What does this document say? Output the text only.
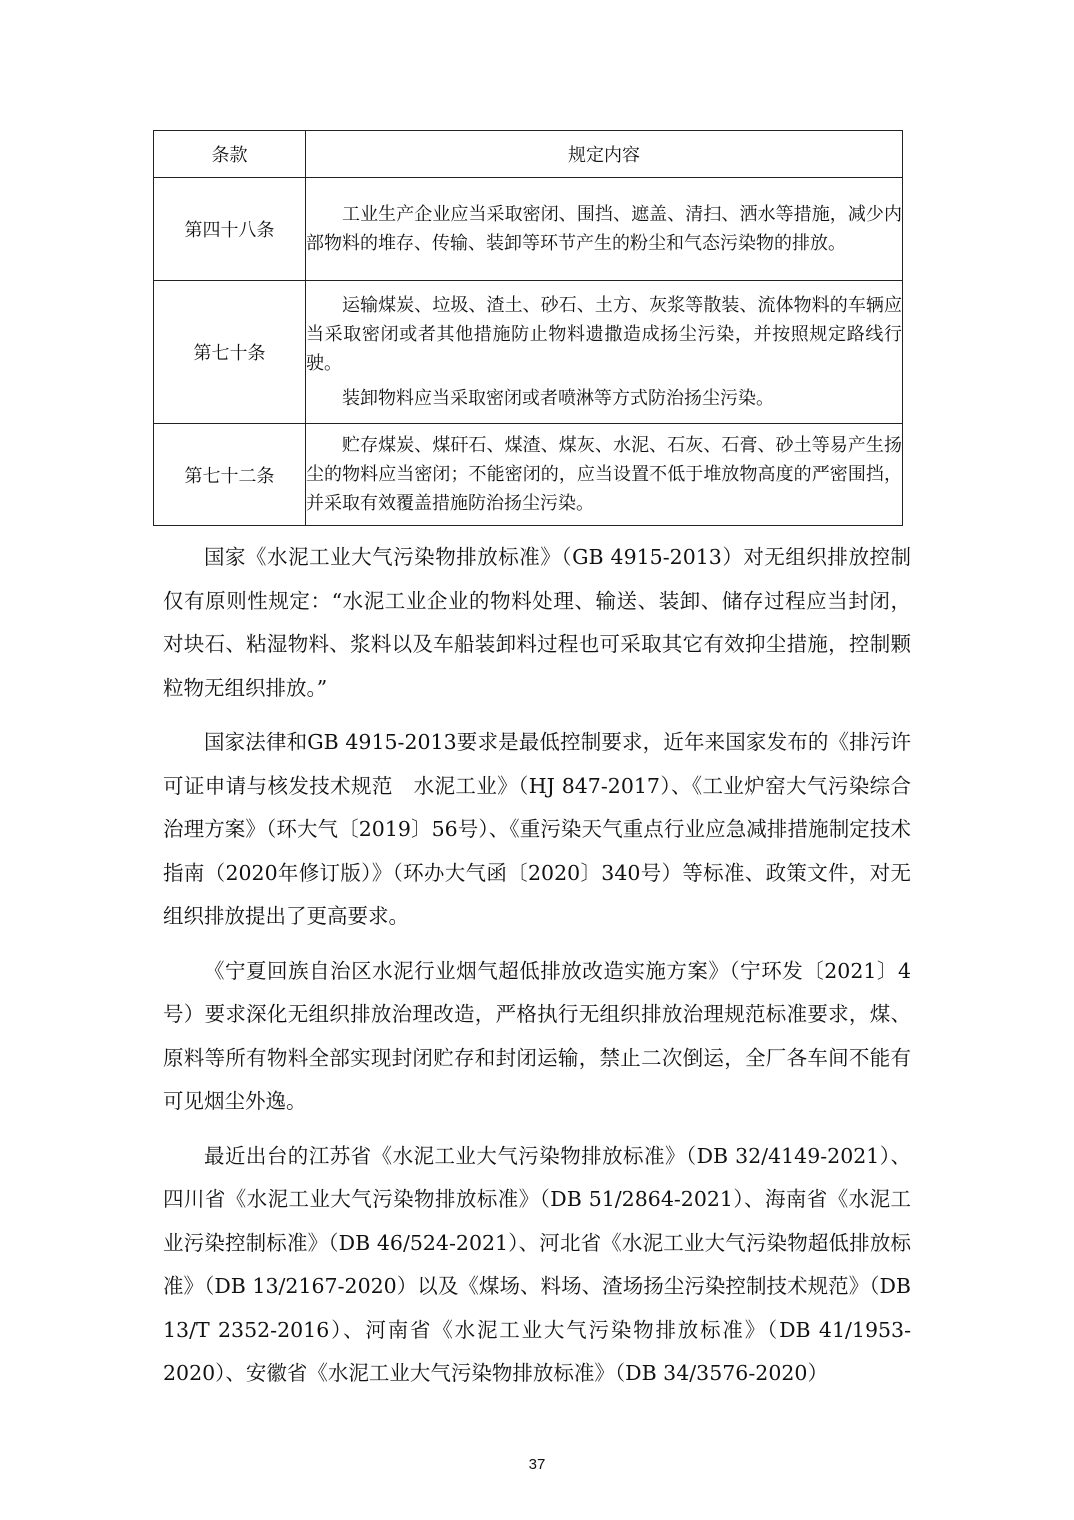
条款	规定内容
第四十八条	工业生产企业应当采取密闭、围挡、遮盖、清扫、洒水等措施，减少内部物料的堆存、传输、装卸等环节产生的粉尘和气态污染物的排放。

第七十条	运输煤炭、垃圾、渣土、砂石、土方、灰浆等散装、流体物料的车辆应当采取密闭或者其他措施防止物料遗撒造成扬尘污染，并按照规定路线行驶。

装卸物料应当采取密闭或者喷淋等方式防治扬尘污染。

第七十二条	贮存煤炭、煤矸石、煤渣、煤灰、水泥、石灰、石膏、砂土等易产生扬尘的物料应当密闭；不能密闭的，应当设置不低于堆放物高度的严密围挡，并采取有效覆盖措施防治扬尘污染。

国家《水泥工业大气污染物排放标准》（GB 4915-2013）对无组织排放控制仅有原则性规定：“水泥工业企业的物料处理、输送、装卸、储存过程应当封闭，对块石、粘湿物料、浆料以及车船装卸料过程也可采取其它有效抑尘措施，控制颗粒物无组织排放。”

国家法律和GB 4915-2013要求是最低控制要求，近年来国家发布的《排污许可证申请与核发技术规范　水泥工业》（HJ 847-2017）、《工业炉窑大气污染综合治理方案》（环大气〔2019〕56号）、《重污染天气重点行业应急减排措施制定技术指南（2020年修订版）》（环办大气函〔2020〕340号）等标准、政策文件，对无组织排放提出了更高要求。

《宁夏回族自治区水泥行业烟气超低排放改造实施方案》（宁环发〔2021〕4号）要求深化无组织排放治理改造，严格执行无组织排放治理规范标准要求，煤、原料等所有物料全部实现封闭贮存和封闭运输，禁止二次倒运，全厂各车间不能有可见烟尘外逸。

最近出台的江苏省《水泥工业大气污染物排放标准》（DB 32/4149-2021）、四川省《水泥工业大气污染物排放标准》（DB 51/2864-2021）、海南省《水泥工业污染控制标准》（DB 46/524-2021）、河北省《水泥工业大气污染物超低排放标准》（DB 13/2167-2020）以及《煤场、料场、渣场扬尘污染控制技术规范》（DB 13/T 2352-2016）、河南省《水泥工业大气污染物排放标准》（DB 41/1953-2020）、安徽省《水泥工业大气污染物排放标准》（DB 34/3576-2020）

37
